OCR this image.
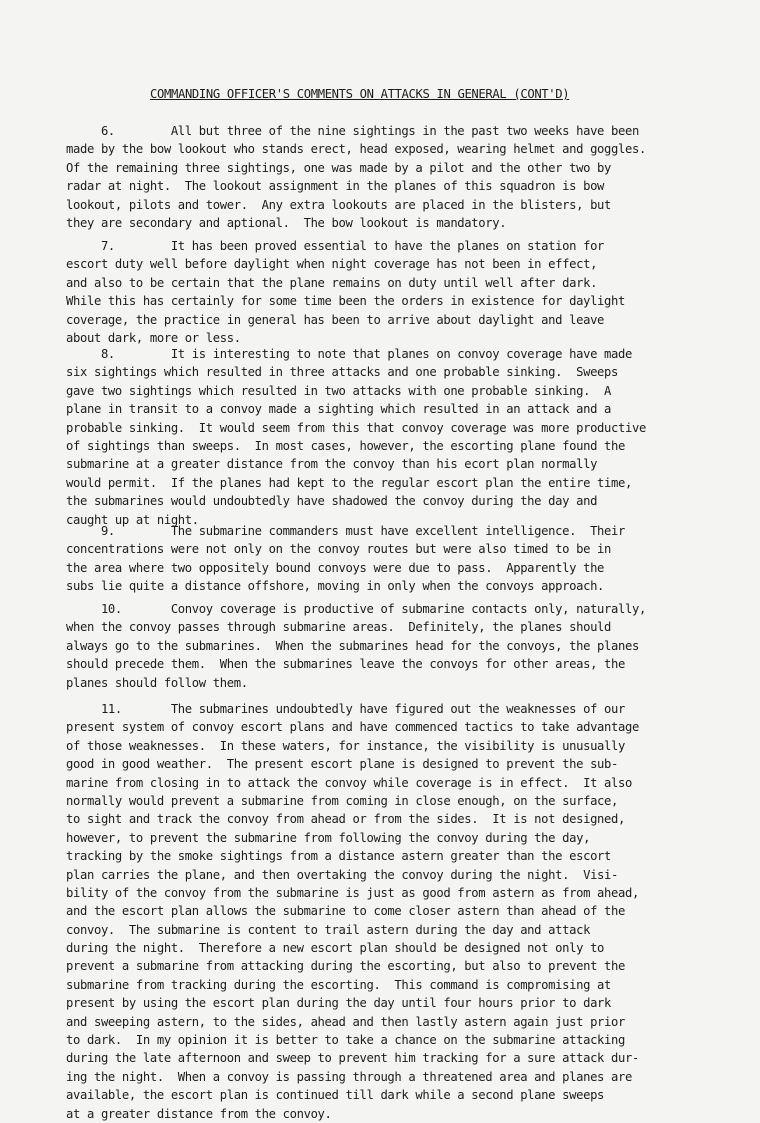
COMMANDING OFFICER'S COMMENTS ON ATTACKS IN GENERAL (CONT'D)
6.        All but three of the nine sightings in the past two weeks have been
made by the bow lookout who stands erect, head exposed, wearing helmet and goggles.
Of the remaining three sightings, one was made by a pilot and the other two by
radar at night.  The lookout assignment in the planes of this squadron is bow
lookout, pilots and tower.  Any extra lookouts are placed in the blisters, but
they are secondary and aptional.  The bow lookout is mandatory.
7.        It has been proved essential to have the planes on station for
escort duty well before daylight when night coverage has not been in effect,
and also to be certain that the plane remains on duty until well after dark.
While this has certainly for some time been the orders in existence for daylight
coverage, the practice in general has been to arrive about daylight and leave
about dark, more or less.
8.        It is interesting to note that planes on convoy coverage have made
six sightings which resulted in three attacks and one probable sinking.  Sweeps
gave two sightings which resulted in two attacks with one probable sinking.  A
plane in transit to a convoy made a sighting which resulted in an attack and a
probable sinking.  It would seem from this that convoy coverage was more productive
of sightings than sweeps.  In most cases, however, the escorting plane found the
submarine at a greater distance from the convoy than his ecort plan normally
would permit.  If the planes had kept to the regular escort plan the entire time,
the submarines would undoubtedly have shadowed the convoy during the day and
caught up at night.
9.        The submarine commanders must have excellent intelligence.  Their
concentrations were not only on the convoy routes but were also timed to be in
the area where two oppositely bound convoys were due to pass.  Apparently the
subs lie quite a distance offshore, moving in only when the convoys approach.
10.       Convoy coverage is productive of submarine contacts only, naturally,
when the convoy passes through submarine areas.  Definitely, the planes should
always go to the submarines.  When the submarines head for the convoys, the planes
should precede them.  When the submarines leave the convoys for other areas, the
planes should follow them.
11.       The submarines undoubtedly have figured out the weaknesses of our
present system of convoy escort plans and have commenced tactics to take advantage
of those weaknesses.  In these waters, for instance, the visibility is unusually
good in good weather.  The present escort plane is designed to prevent the sub-
marine from closing in to attack the convoy while coverage is in effect.  It also
normally would prevent a submarine from coming in close enough, on the surface,
to sight and track the convoy from ahead or from the sides.  It is not designed,
however, to prevent the submarine from following the convoy during the day,
tracking by the smoke sightings from a distance astern greater than the escort
plan carries the plane, and then overtaking the convoy during the night.  Visi-
bility of the convoy from the submarine is just as good from astern as from ahead,
and the escort plan allows the submarine to come closer astern than ahead of the
convoy.  The submarine is content to trail astern during the day and attack
during the night.  Therefore a new escort plan should be designed not only to
prevent a submarine from attacking during the escorting, but also to prevent the
submarine from tracking during the escorting.  This command is compromising at
present by using the escort plan during the day until four hours prior to dark
and sweeping astern, to the sides, ahead and then lastly astern again just prior
to dark.  In my opinion it is better to take a chance on the submarine attacking
during the late afternoon and sweep to prevent him tracking for a sure attack dur-
ing the night.  When a convoy is passing through a threatened area and planes are
available, the escort plan is continued till dark while a second plane sweeps
at a greater distance from the convoy.
